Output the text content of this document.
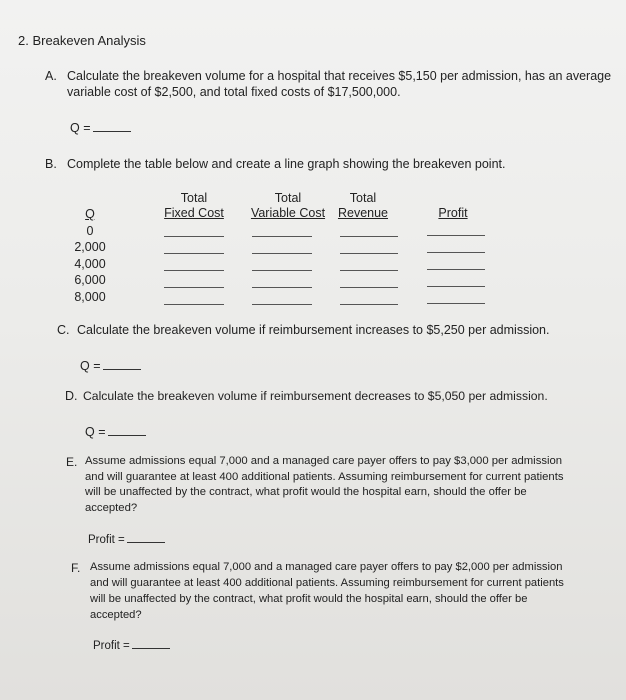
2. Breakeven Analysis
A. Calculate the breakeven volume for a hospital that receives $5,150 per admission, has an average
variable cost of $2,500, and total fixed costs of $17,500,000.
Q =
B. Complete the table below and create a line graph showing the breakeven point.
Total
Fixed Cost
Total
Variable Cost
Total
Revenue	Profit
Q
0
2,000
4,000
6,000
8,000
C. Calculate the breakeven volume if reimbursement increases to $5,250 per admission.
Q =
D. Calculate the breakeven volume if reimbursement decreases to $5,050 per admission.
Q =
E. Assume admissions equal 7,000 and a managed care payer offers to pay $3,000 per admission
and will guarantee at least 400 additional patients. Assuming reimbursement for current patients
will be unaffected by the contract, what profit would the hospital earn, should the offer be
accepted?
Profit =
F. Assume admissions equal 7,000 and a managed care payer offers to pay $2,000 per admission
and will guarantee at least 400 additional patients. Assuming reimbursement for current patients
will be unaffected by the contract, what profit would the hospital earn, should the offer be
accepted?
Profit =
